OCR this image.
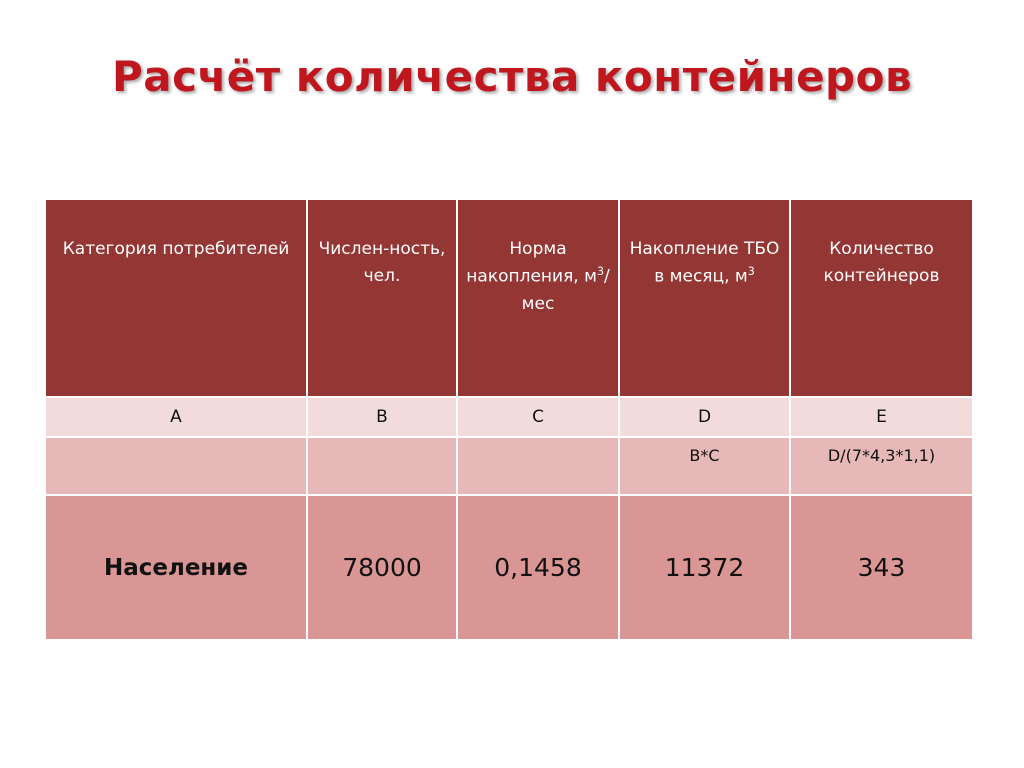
Расчёт количества контейнеров
Категория потребителей	Числен-ность, чел.	Норма накопления, $м^3$/мес	Накопление ТБО в месяц, $м^3$	Количество контейнеров
A	B	C	D	E
			B*C	D/(7*4,3*1,1)
Население	78000	0,1458	11372	343
